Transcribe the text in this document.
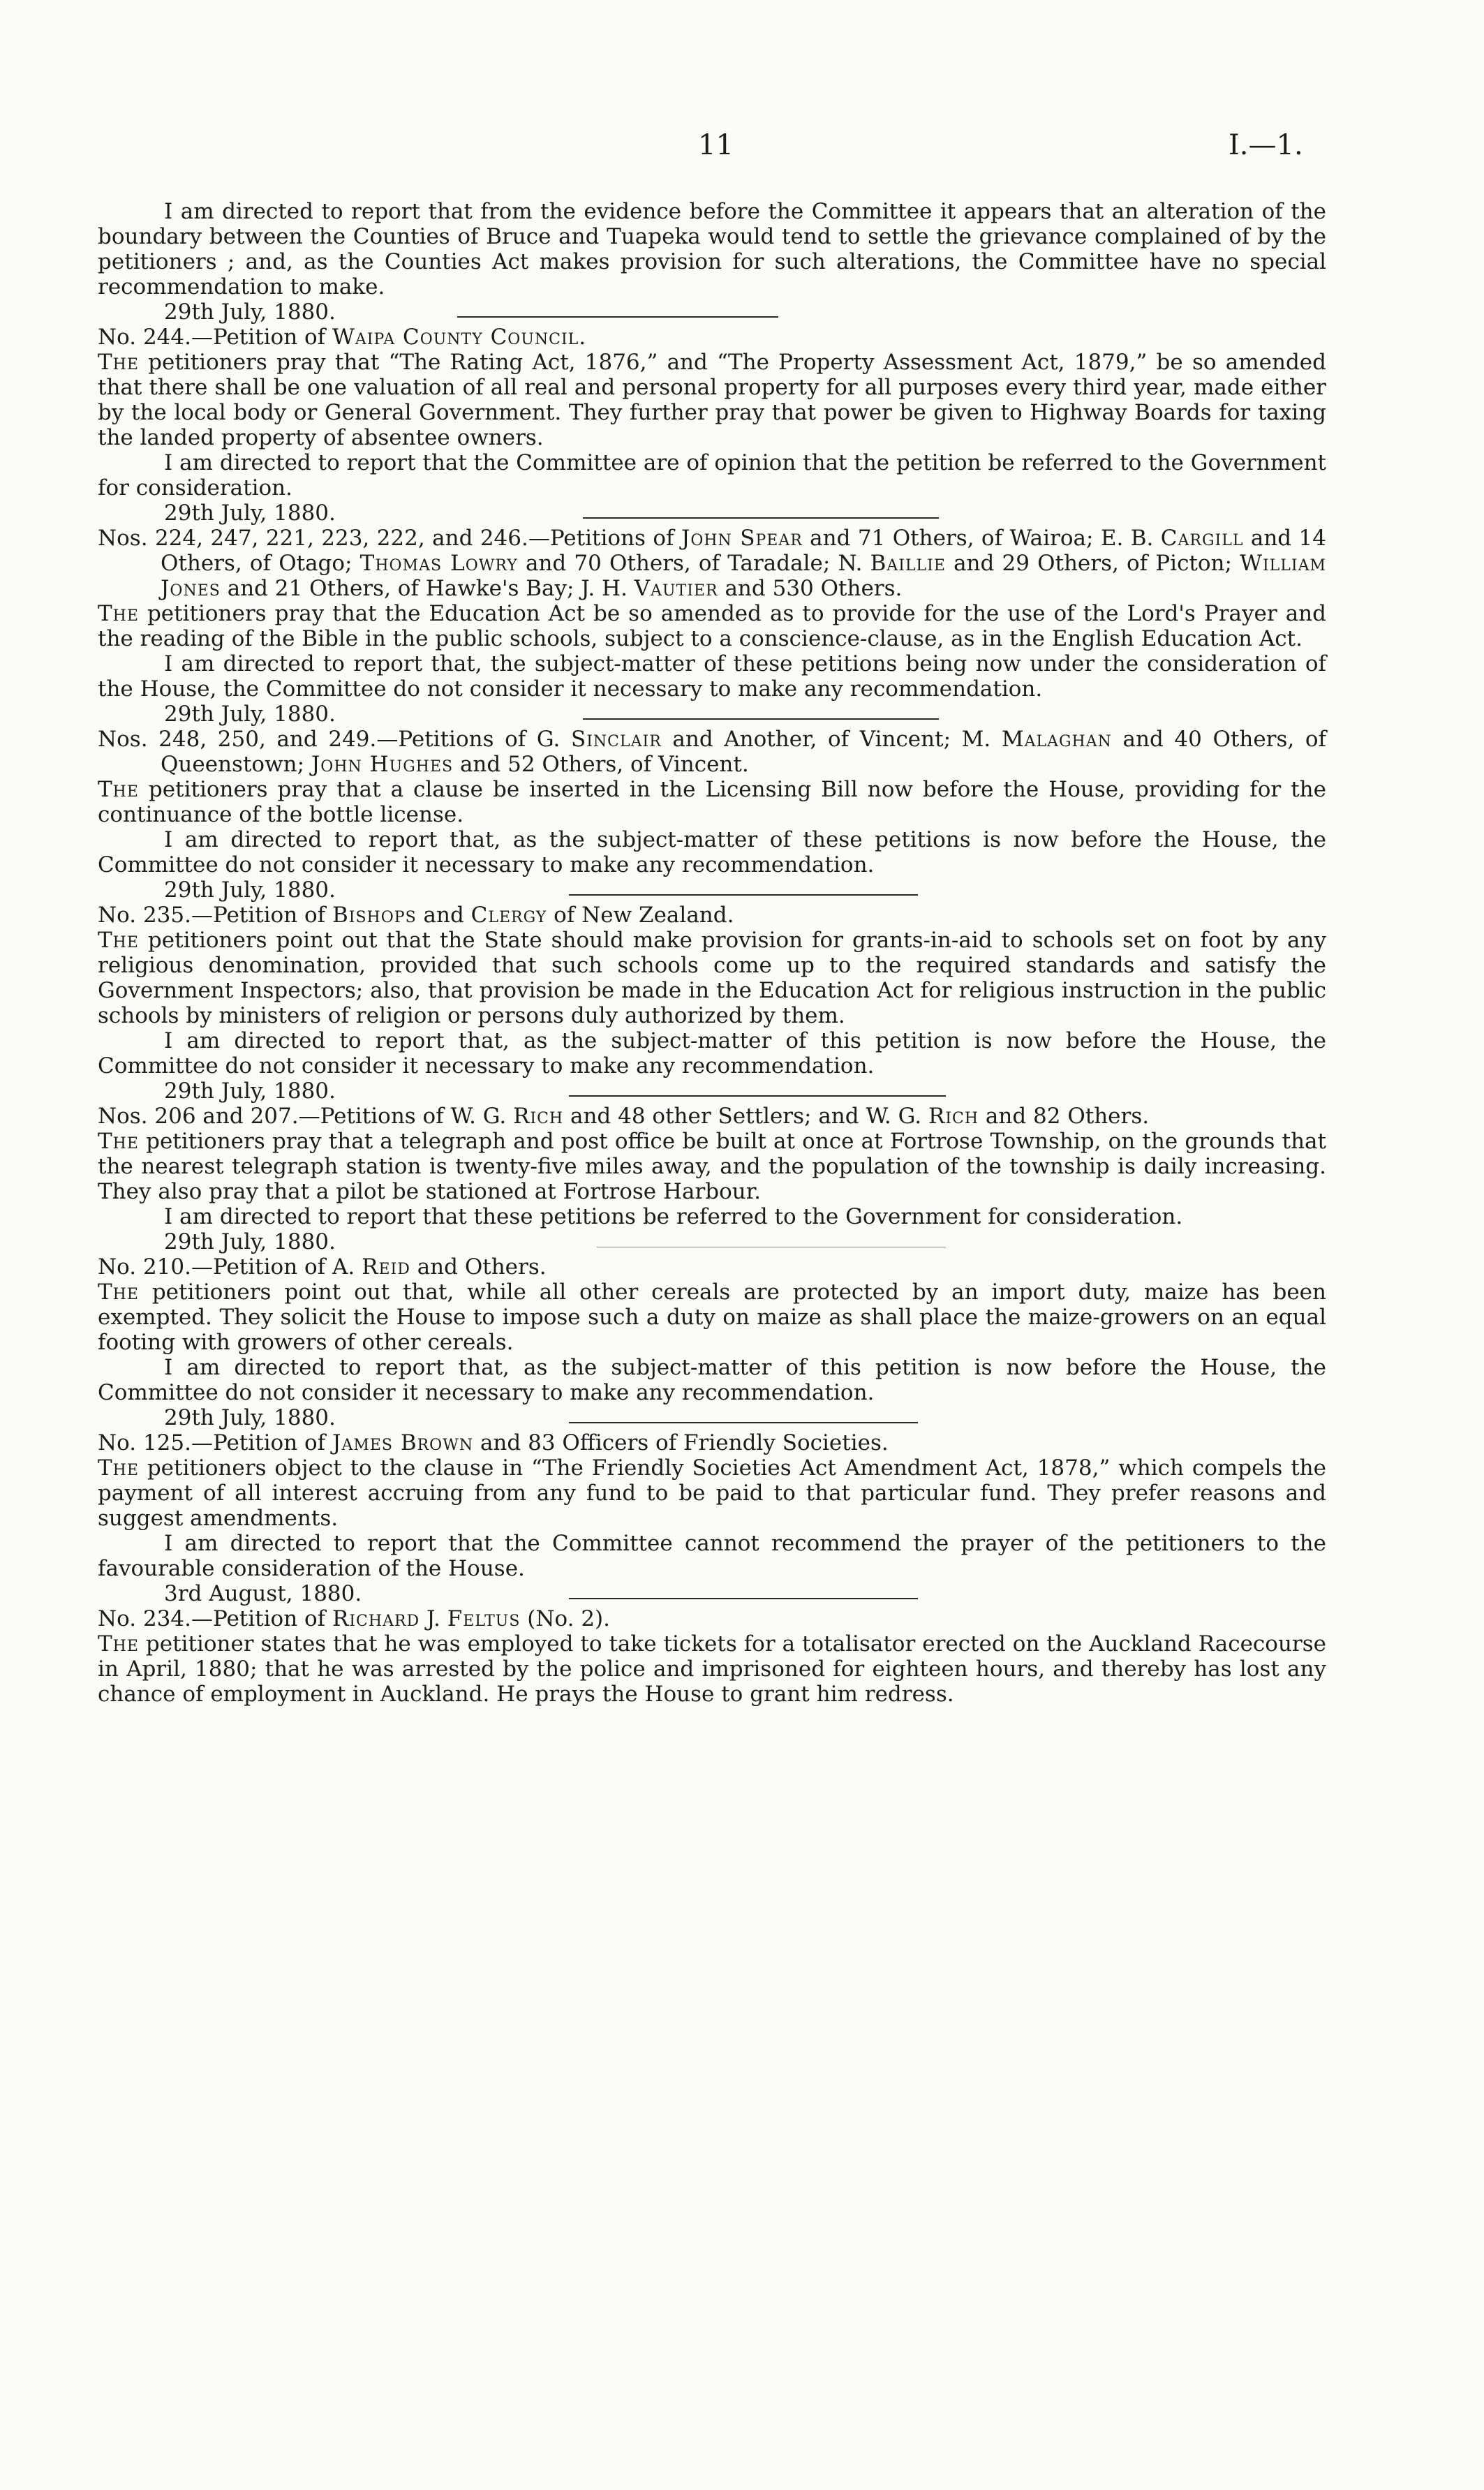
11	I.—1.

I am directed to report that from the evidence before the Committee it appears that an alteration of the boundary between the Counties of Bruce and Tuapeka would tend to settle the grievance complained of by the petitioners ; and, as the Counties Act makes provision for such alterations, the Committee have no special recommendation to make.

29th July, 1880.

No. 244.—Petition of Waipa County Council.

The petitioners pray that “The Rating Act, 1876,” and “The Property Assessment Act, 1879,” be so amended that there shall be one valuation of all real and personal property for all purposes every third year, made either by the local body or General Government. They further pray that power be given to Highway Boards for taxing the landed property of absentee owners.

I am directed to report that the Committee are of opinion that the petition be referred to the Government for consideration.

29th July, 1880.

Nos. 224, 247, 221, 223, 222, and 246.—Petitions of John Spear and 71 Others, of Wairoa; E. B. Cargill and 14 Others, of Otago; Thomas Lowry and 70 Others, of Taradale; N. Baillie and 29 Others, of Picton; William Jones and 21 Others, of Hawke's Bay; J. H. Vautier and 530 Others.

The petitioners pray that the Education Act be so amended as to provide for the use of the Lord's Prayer and the reading of the Bible in the public schools, subject to a conscience-clause, as in the English Education Act.

I am directed to report that, the subject-matter of these petitions being now under the consideration of the House, the Committee do not consider it necessary to make any recommendation.

29th July, 1880.

Nos. 248, 250, and 249.—Petitions of G. Sinclair and Another, of Vincent; M. Malaghan and 40 Others, of Queenstown; John Hughes and 52 Others, of Vincent.

The petitioners pray that a clause be inserted in the Licensing Bill now before the House, providing for the continuance of the bottle license.

I am directed to report that, as the subject-matter of these petitions is now before the House, the Committee do not consider it necessary to make any recommendation.

29th July, 1880.

No. 235.—Petition of Bishops and Clergy of New Zealand.

The petitioners point out that the State should make provision for grants-in-aid to schools set on foot by any religious denomination, provided that such schools come up to the required standards and satisfy the Government Inspectors; also, that provision be made in the Education Act for religious instruction in the public schools by ministers of religion or persons duly authorized by them.

I am directed to report that, as the subject-matter of this petition is now before the House, the Committee do not consider it necessary to make any recommendation.

29th July, 1880.

Nos. 206 and 207.—Petitions of W. G. Rich and 48 other Settlers; and W. G. Rich and 82 Others.

The petitioners pray that a telegraph and post office be built at once at Fortrose Township, on the grounds that the nearest telegraph station is twenty-five miles away, and the population of the township is daily increasing. They also pray that a pilot be stationed at Fortrose Harbour.

I am directed to report that these petitions be referred to the Government for consideration.

29th July, 1880.

No. 210.—Petition of A. Reid and Others.

The petitioners point out that, while all other cereals are protected by an import duty, maize has been exempted. They solicit the House to impose such a duty on maize as shall place the maize-growers on an equal footing with growers of other cereals.

I am directed to report that, as the subject-matter of this petition is now before the House, the Committee do not consider it necessary to make any recommendation.

29th July, 1880.

No. 125.—Petition of James Brown and 83 Officers of Friendly Societies.

The petitioners object to the clause in “The Friendly Societies Act Amendment Act, 1878,” which compels the payment of all interest accruing from any fund to be paid to that particular fund. They prefer reasons and suggest amendments.

I am directed to report that the Committee cannot recommend the prayer of the petitioners to the favourable consideration of the House.

3rd August, 1880.

No. 234.—Petition of Richard J. Feltus (No. 2).

The petitioner states that he was employed to take tickets for a totalisator erected on the Auckland Racecourse in April, 1880; that he was arrested by the police and imprisoned for eighteen hours, and thereby has lost any chance of employment in Auckland. He prays the House to grant him redress.
